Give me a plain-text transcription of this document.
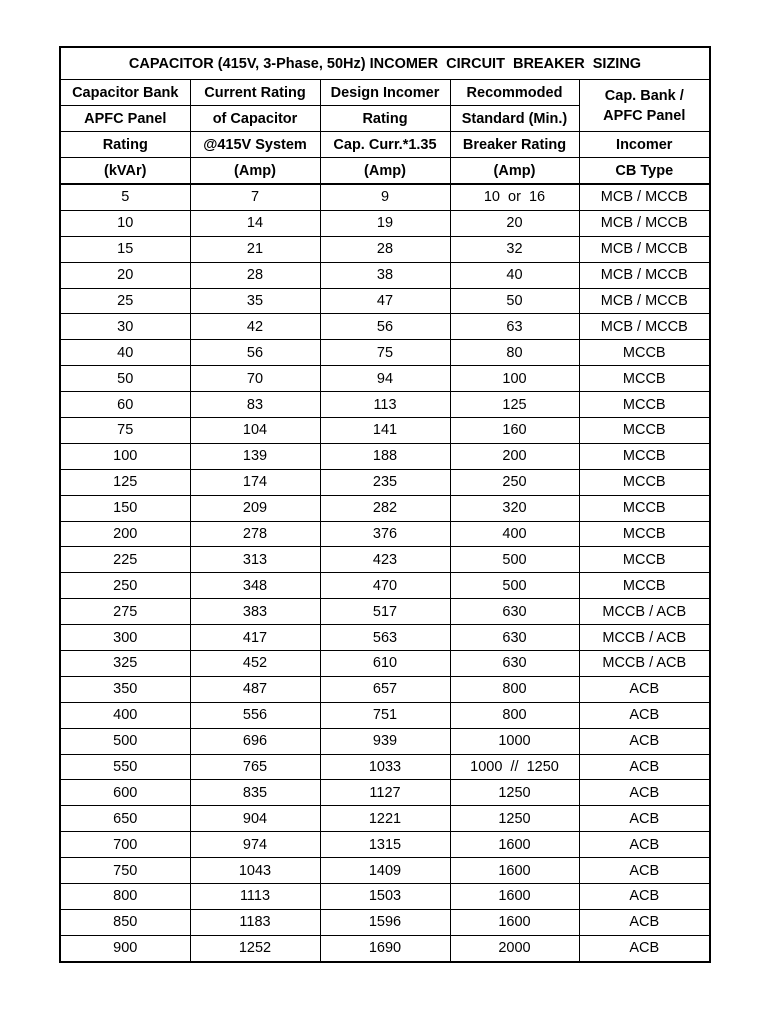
CAPACITOR (415V, 3-Phase, 50Hz) INCOMER  CIRCUIT  BREAKER  SIZING				
Capacitor Bank	Current Rating	Design Incomer	Recommoded	Cap. Bank /
APFC Panel
APFC Panel	of Capacitor	Rating	Standard (Min.)	
Rating	@415V System	Cap. Curr.*1.35	Breaker Rating	Incomer
(kVAr)	(Amp)	(Amp)	(Amp)	CB Type
5	7	9	10  or  16	MCB / MCCB
10	14	19	20	MCB / MCCB
15	21	28	32	MCB / MCCB
20	28	38	40	MCB / MCCB
25	35	47	50	MCB / MCCB
30	42	56	63	MCB / MCCB
40	56	75	80	MCCB
50	70	94	100	MCCB
60	83	113	125	MCCB
75	104	141	160	MCCB
100	139	188	200	MCCB
125	174	235	250	MCCB
150	209	282	320	MCCB
200	278	376	400	MCCB
225	313	423	500	MCCB
250	348	470	500	MCCB
275	383	517	630	MCCB / ACB
300	417	563	630	MCCB / ACB
325	452	610	630	MCCB / ACB
350	487	657	800	ACB
400	556	751	800	ACB
500	696	939	1000	ACB
550	765	1033	1000  //  1250	ACB
600	835	1127	1250	ACB
650	904	1221	1250	ACB
700	974	1315	1600	ACB
750	1043	1409	1600	ACB
800	1113	1503	1600	ACB
850	1183	1596	1600	ACB
900	1252	1690	2000	ACB
